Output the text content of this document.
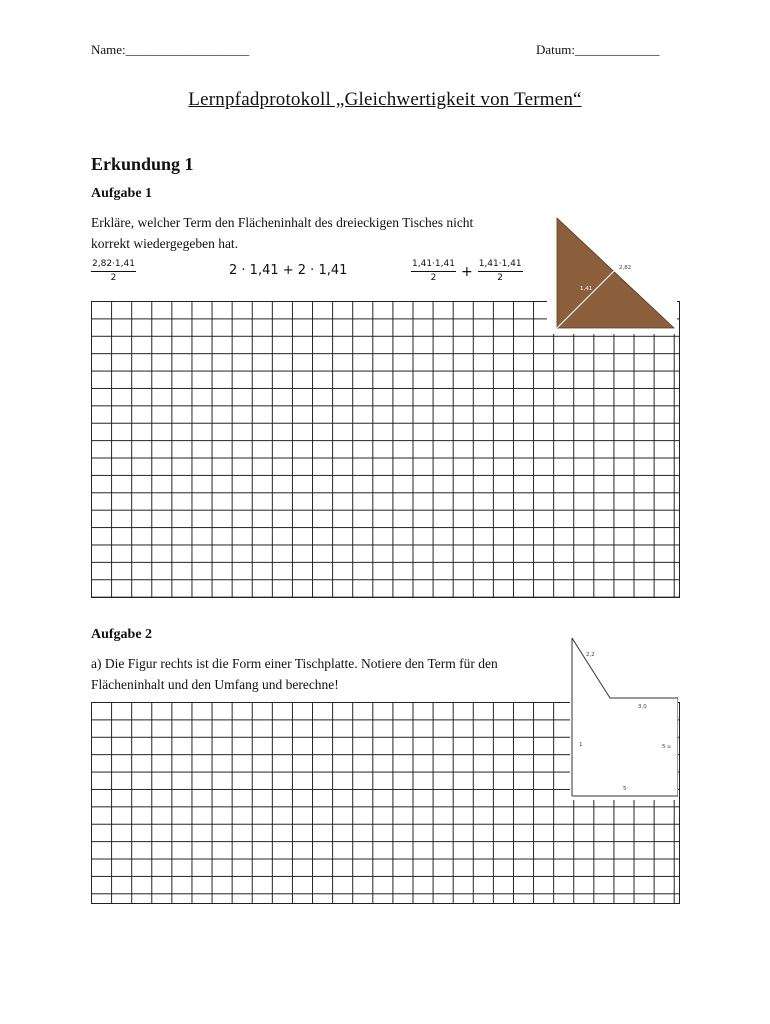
Name:___________________	Datum:_____________
Lernpfadprotokoll „Gleichwertigkeit von Termen“
Erkundung 1
Aufgabe 1
Erkläre, welcher Term den Flächeninhalt des dreieckigen Tisches nicht
korrekt wiedergegeben hat.
$\frac{2,82\cdot 1,41}{2}$	2 · 1,41 + 2 · 1,41	$\frac{1,41\cdot 1,41}{2} + \frac{1,41\cdot 1,41}{2}$	2,82
1,41
Aufgabe 2
a) Die Figur rechts ist die Form einer Tischplatte. Notiere den Term für den
Flächeninhalt und den Umfang und berechne!
2,2
3,0
1	5 u
5
